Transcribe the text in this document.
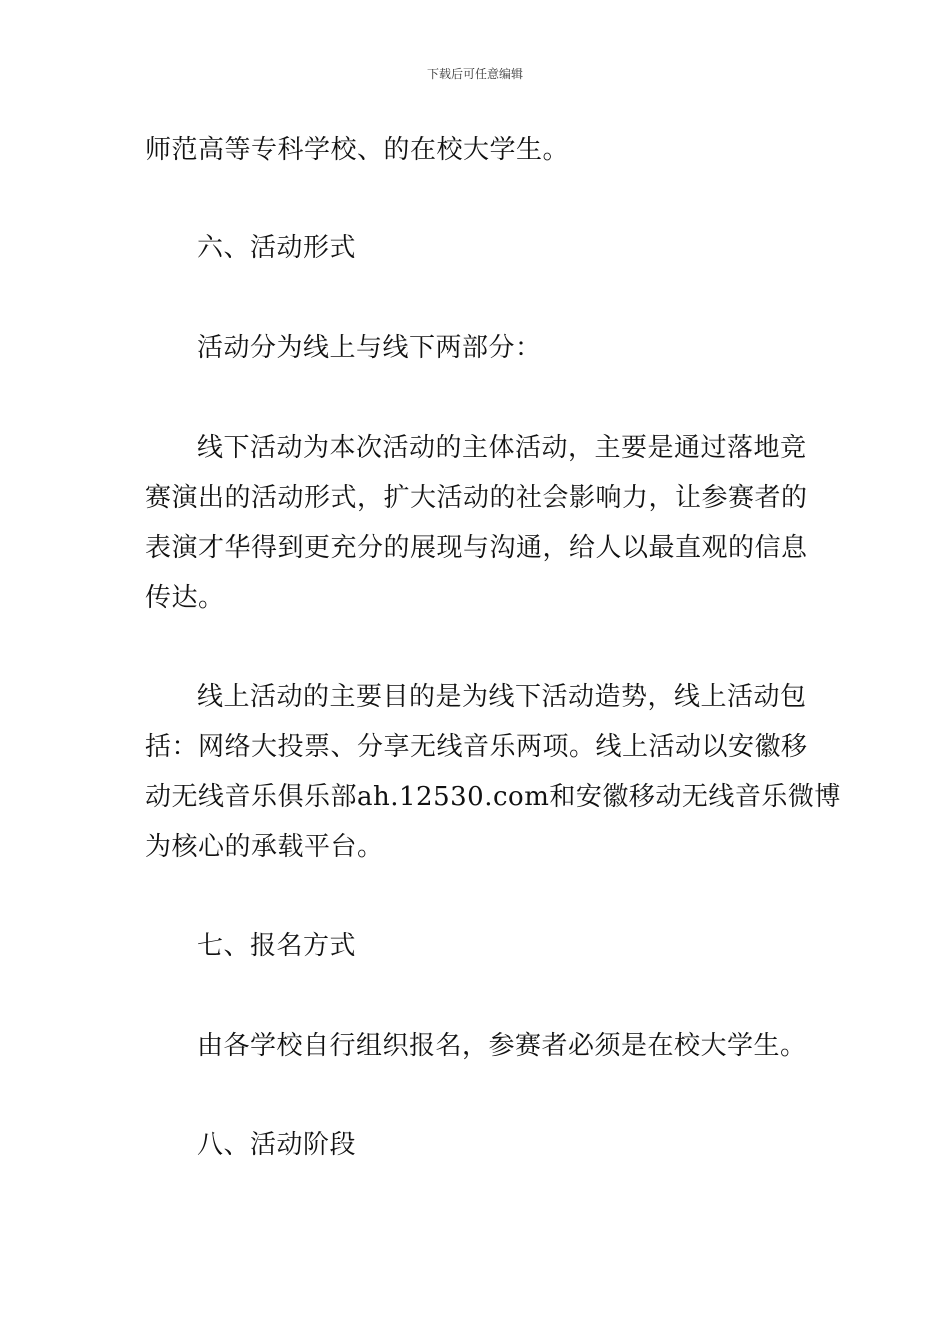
下载后可任意编辑
师范高等专科学校、的在校大学生。
六、活动形式
活动分为线上与线下两部分：
线下活动为本次活动的主体活动，主要是通过落地竞
赛演出的活动形式，扩大活动的社会影响力，让参赛者的
表演才华得到更充分的展现与沟通，给人以最直观的信息
传达。
线上活动的主要目的是为线下活动造势，线上活动包
括：网络大投票、分享无线音乐两项。线上活动以安徽移
动无线音乐俱乐部ah.12530.com和安徽移动无线音乐微博
为核心的承载平台。
七、报名方式
由各学校自行组织报名，参赛者必须是在校大学生。
八、活动阶段
